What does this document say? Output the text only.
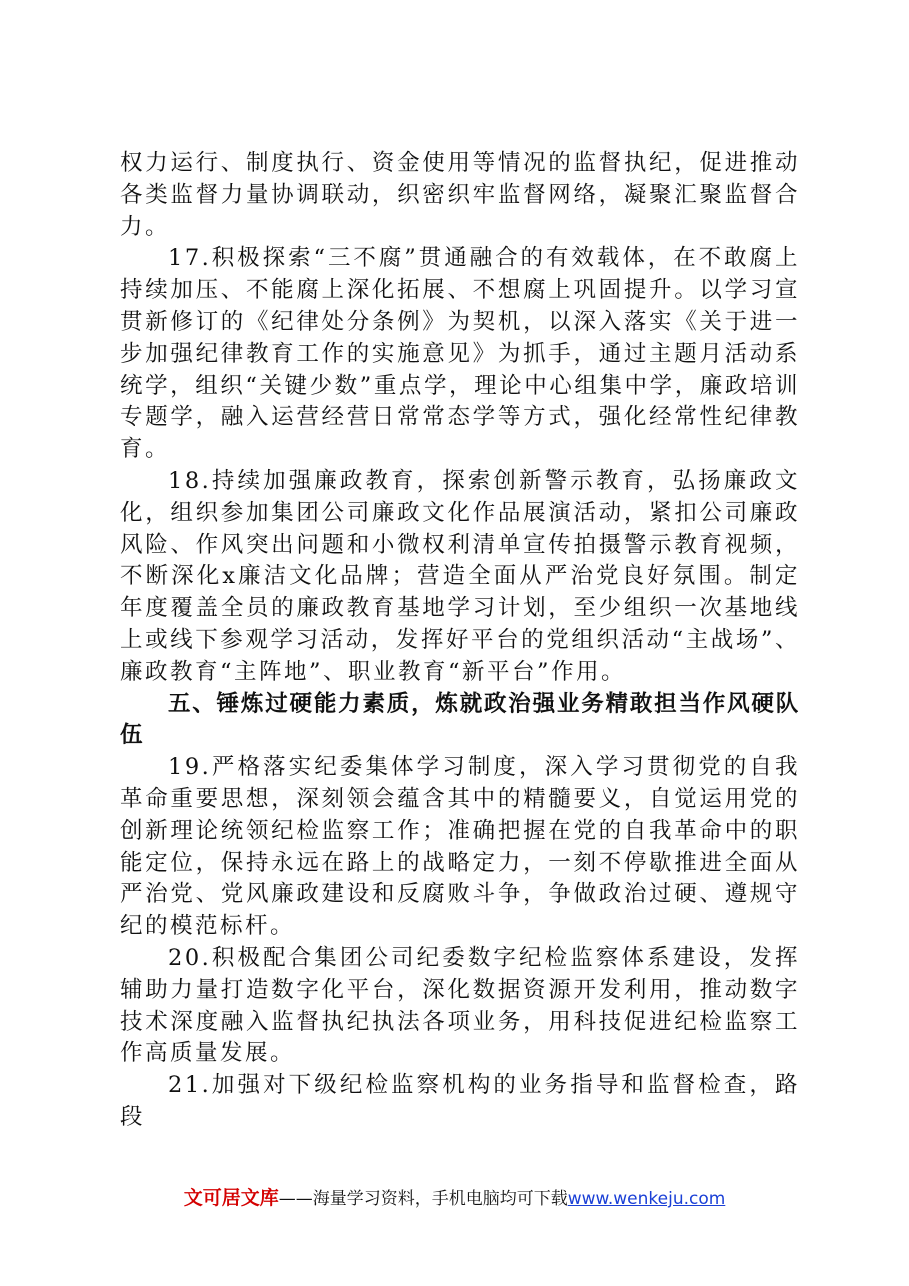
权力运行、制度执行、资金使用等情况的监督执纪，促进推动各类监督力量协调联动，织密织牢监督网络，凝聚汇聚监督合力。

17.积极探索“三不腐”贯通融合的有效载体，在不敢腐上持续加压、不能腐上深化拓展、不想腐上巩固提升。以学习宣贯新修订的《纪律处分条例》为契机，以深入落实《关于进一步加强纪律教育工作的实施意见》为抓手，通过主题月活动系统学，组织“关键少数”重点学，理论中心组集中学，廉政培训专题学，融入运营经营日常常态学等方式，强化经常性纪律教育。

18.持续加强廉政教育，探索创新警示教育，弘扬廉政文化，组织参加集团公司廉政文化作品展演活动，紧扣公司廉政风险、作风突出问题和小微权利清单宣传拍摄警示教育视频，不断深化x廉洁文化品牌；营造全面从严治党良好氛围。制定年度覆盖全员的廉政教育基地学习计划，至少组织一次基地线上或线下参观学习活动，发挥好平台的党组织活动“主战场”、廉政教育“主阵地”、职业教育“新平台”作用。

五、锤炼过硬能力素质，炼就政治强业务精敢担当作风硬队伍

19.严格落实纪委集体学习制度，深入学习贯彻党的自我革命重要思想，深刻领会蕴含其中的精髓要义，自觉运用党的创新理论统领纪检监察工作；准确把握在党的自我革命中的职能定位，保持永远在路上的战略定力，一刻不停歇推进全面从严治党、党风廉政建设和反腐败斗争，争做政治过硬、遵规守纪的模范标杆。

20.积极配合集团公司纪委数字纪检监察体系建设，发挥辅助力量打造数字化平台，深化数据资源开发利用，推动数字技术深度融入监督执纪执法各项业务，用科技促进纪检监察工作高质量发展。

21.加强对下级纪检监察机构的业务指导和监督检查，路段

文可居文库——海量学习资料，手机电脑均可下载www.wenkeju.com
